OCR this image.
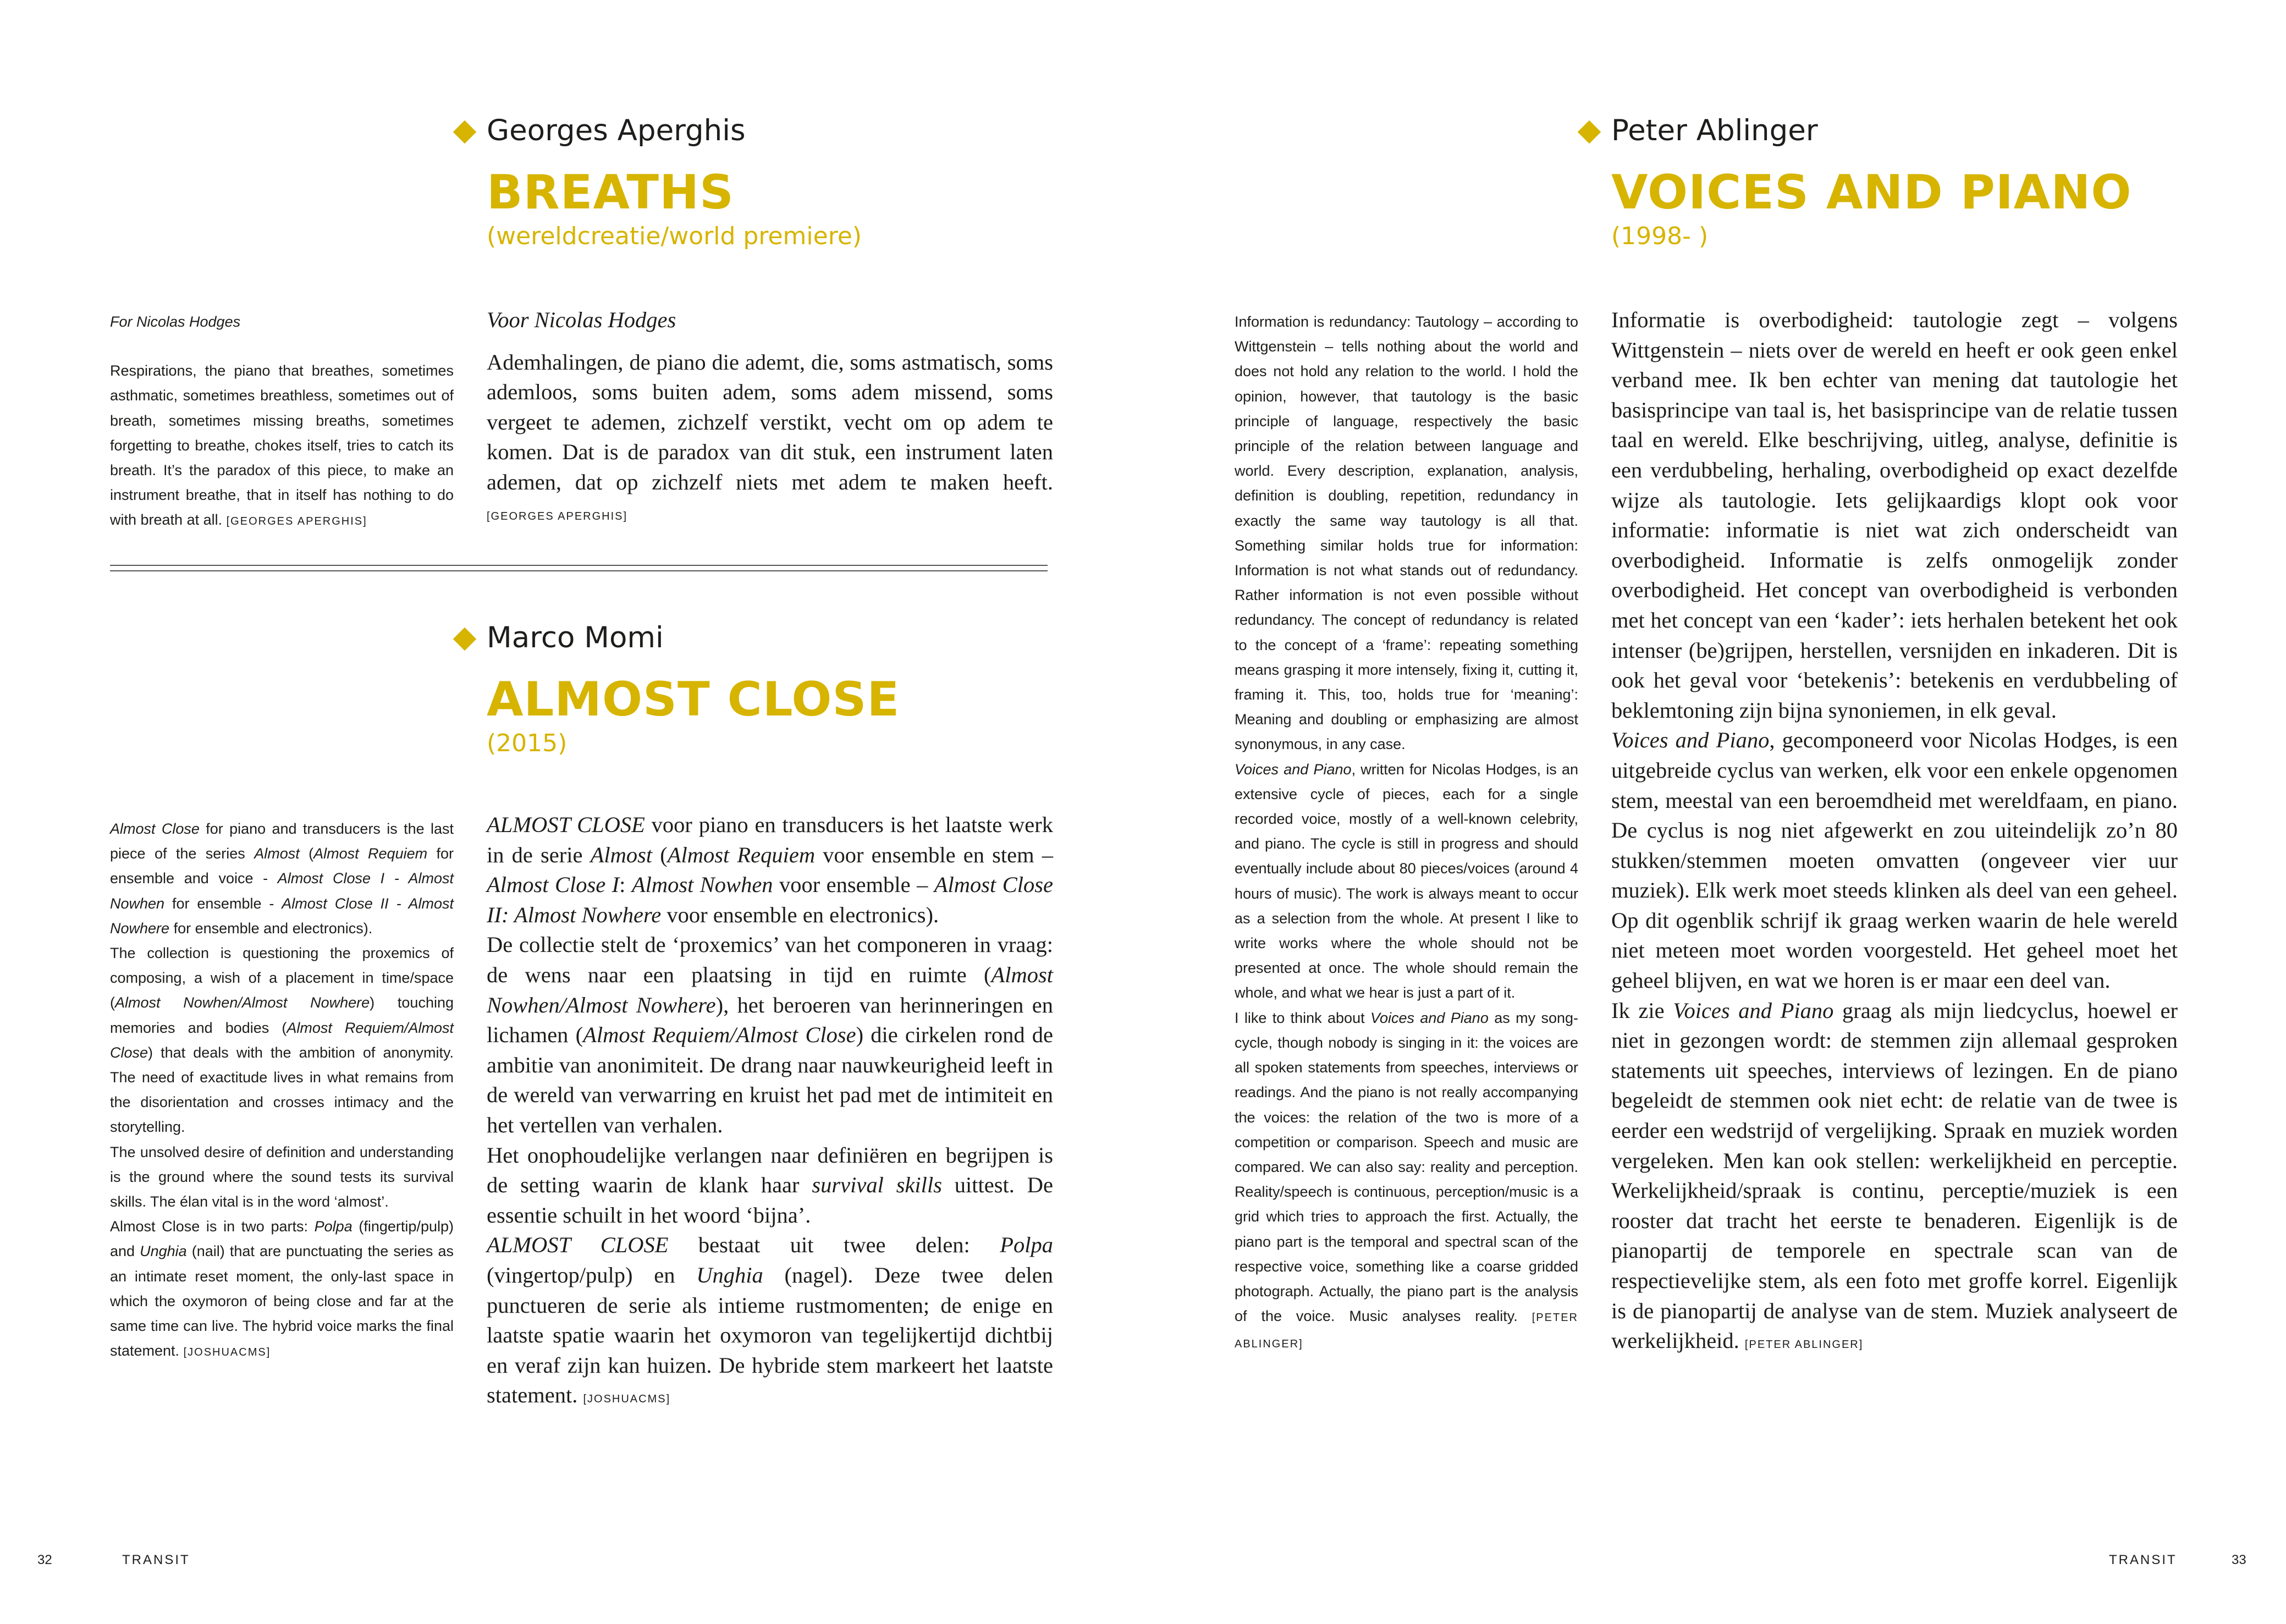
Georges Aperghis
BREATHS
(wereldcreatie/world premiere)

For Nicolas Hodges

Respirations, the piano that breathes, sometimes asthmatic, sometimes breathless, sometimes out of breath, sometimes missing breaths, sometimes forgetting to breathe, chokes itself, tries to catch its breath. It’s the paradox of this piece, to make an instrument breathe, that in itself has nothing to do with breath at all. [GEORGES APERGHIS]

Voor Nicolas Hodges

Ademhalingen, de piano die ademt, die, soms astmatisch, soms ademloos, soms buiten adem, soms adem missend, soms vergeet te ademen, zichzelf verstikt, vecht om op adem te komen. Dat is de paradox van dit stuk, een instrument laten ademen, dat op zichzelf niets met adem te maken heeft. [GEORGES APERGHIS]

Marco Momi
ALMOST CLOSE
(2015)

Almost Close for piano and transducers is the last piece of the series Almost (Almost Requiem for ensemble and voice - Almost Close I - Almost Nowhen for ensemble - Almost Close II - Almost Nowhere for ensemble and electronics).

The collection is questioning the proxemics of composing, a wish of a placement in time/space (Almost Nowhen/Almost Nowhere) touching memories and bodies (Almost Requiem/Almost Close) that deals with the ambition of anonymity. The need of exactitude lives in what remains from the disorientation and crosses intimacy and the storytelling.

The unsolved desire of definition and understanding is the ground where the sound tests its survival skills. The élan vital is in the word ‘almost’.

Almost Close is in two parts: Polpa (fingertip/pulp) and Unghia (nail) that are punctuating the series as an intimate reset moment, the only-last space in which the oxymoron of being close and far at the same time can live. The hybrid voice marks the final statement. [JOSHUACMS]

ALMOST CLOSE voor piano en transducers is het laatste werk in de serie Almost (Almost Requiem voor ensemble en stem – Almost Close I: Almost Nowhen voor ensemble – Almost Close II: Almost Nowhere voor ensemble en electronics).

De collectie stelt de ‘proxemics’ van het componeren in vraag: de wens naar een plaatsing in tijd en ruimte (Almost Nowhen/Almost Nowhere), het beroeren van herinneringen en lichamen (Almost Requiem/Almost Close) die cirkelen rond de ambitie van anonimiteit. De drang naar nauwkeurigheid leeft in de wereld van verwarring en kruist het pad met de intimiteit en het vertellen van verhalen.

Het onophoudelijke verlangen naar definiëren en begrijpen is de setting waarin de klank haar survival skills uittest. De essentie schuilt in het woord ‘bijna’.

ALMOST CLOSE bestaat uit twee delen: Polpa (vingertop/pulp) en Unghia (nagel). Deze twee delen punctueren de serie als intieme rustmomenten; de enige en laatste spatie waarin het oxymoron van tegelijkertijd dichtbij en veraf zijn kan huizen. De hybride stem markeert het laatste statement. [JOSHUACMS]

32	TRANSIT
Peter Ablinger
VOICES AND PIANO
(1998- )

Information is redundancy: Tautology – according to Wittgenstein – tells nothing about the world and does not hold any relation to the world. I hold the opinion, however, that tautology is the basic principle of language, respectively the basic principle of the relation between language and world. Every description, explanation, analysis, definition is doubling, repetition, redundancy in exactly the same way tautology is all that. Something similar holds true for information: Information is not what stands out of redundancy. Rather information is not even possible without redundancy. The concept of redundancy is related to the concept of a ‘frame’: repeating something means grasping it more intensely, fixing it, cutting it, framing it. This, too, holds true for ‘meaning’: Meaning and doubling or emphasizing are almost synonymous, in any case.

Voices and Piano, written for Nicolas Hodges, is an extensive cycle of pieces, each for a single recorded voice, mostly of a well-known celebrity, and piano. The cycle is still in progress and should eventually include about 80 pieces/voices (around 4 hours of music). The work is always meant to occur as a selection from the whole. At present I like to write works where the whole should not be presented at once. The whole should remain the whole, and what we hear is just a part of it.

I like to think about Voices and Piano as my song-cycle, though nobody is singing in it: the voices are all spoken statements from speeches, interviews or readings. And the piano is not really accompanying the voices: the relation of the two is more of a competition or comparison. Speech and music are compared. We can also say: reality and perception. Reality/speech is continuous, perception/music is a grid which tries to approach the first. Actually, the piano part is the temporal and spectral scan of the respective voice, something like a coarse gridded photograph. Actually, the piano part is the analysis of the voice. Music analyses reality. [PETER ABLINGER]

Informatie is overbodigheid: tautologie zegt – volgens Wittgenstein – niets over de wereld en heeft er ook geen enkel verband mee. Ik ben echter van mening dat tautologie het basisprincipe van taal is, het basisprincipe van de relatie tussen taal en wereld. Elke beschrijving, uitleg, analyse, definitie is een verdubbeling, herhaling, overbodigheid op exact dezelfde wijze als tautologie. Iets gelijkaardigs klopt ook voor informatie: informatie is niet wat zich onderscheidt van overbodigheid. Informatie is zelfs onmogelijk zonder overbodigheid. Het concept van overbodigheid is verbonden met het concept van een ‘kader’: iets herhalen betekent het ook intenser (be)grijpen, herstellen, versnijden en inkaderen. Dit is ook het geval voor ‘betekenis’: betekenis en verdubbeling of beklemtoning zijn bijna synoniemen, in elk geval.

Voices and Piano, gecomponeerd voor Nicolas Hodges, is een uitgebreide cyclus van werken, elk voor een enkele opgenomen stem, meestal van een beroemdheid met wereldfaam, en piano. De cyclus is nog niet afgewerkt en zou uiteindelijk zo’n 80 stukken/stemmen moeten omvatten (ongeveer vier uur muziek). Elk werk moet steeds klinken als deel van een geheel. Op dit ogenblik schrijf ik graag werken waarin de hele wereld niet meteen moet worden voorgesteld. Het geheel moet het geheel blijven, en wat we horen is er maar een deel van.

Ik zie Voices and Piano graag als mijn liedcyclus, hoewel er niet in gezongen wordt: de stemmen zijn allemaal gesproken statements uit speeches, interviews of lezingen. En de piano begeleidt de stemmen ook niet echt: de relatie van de twee is eerder een wedstrijd of vergelijking. Spraak en muziek worden vergeleken. Men kan ook stellen: werkelijkheid en perceptie. Werkelijkheid/spraak is continu, perceptie/muziek is een rooster dat tracht het eerste te benaderen. Eigenlijk is de pianopartij de temporele en spectrale scan van de respectievelijke stem, als een foto met groffe korrel. Eigenlijk is de pianopartij de analyse van de stem. Muziek analyseert de werkelijkheid. [PETER ABLINGER]

TRANSIT	33
